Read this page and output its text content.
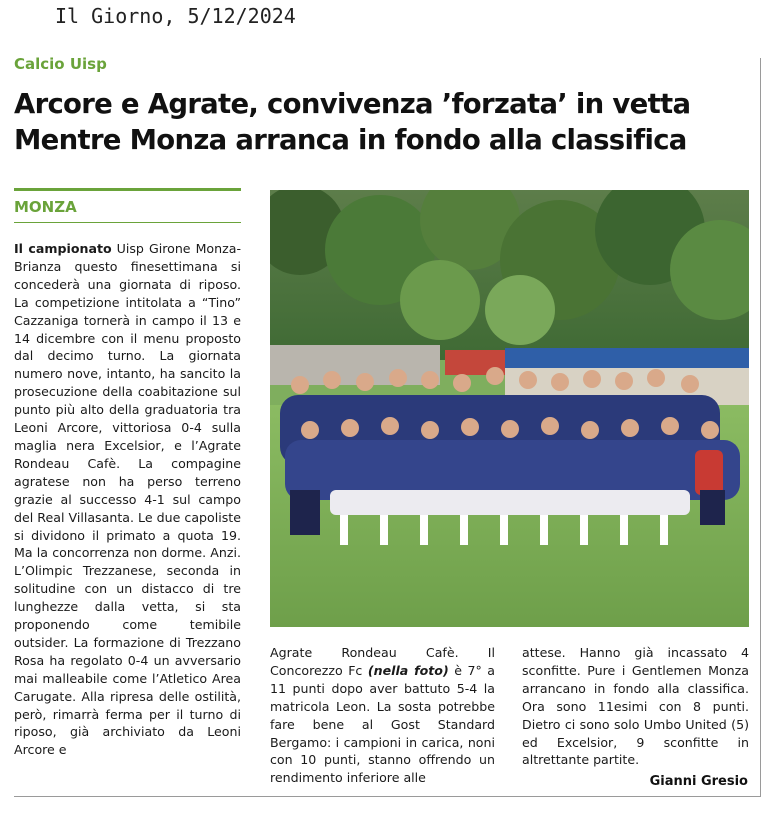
Il Giorno, 5/12/2024
Calcio Uisp
Arcore e Agrate, convivenza ’forzata’ in vetta
Mentre Monza arranca in fondo alla classifica
MONZA

Il campionato Uisp Girone Monza-Brianza questo finesettimana si concederà una giornata di riposo. La competizione intitolata a “Tino” Cazzaniga tornerà in campo il 13 e 14 dicembre con il menu proposto dal decimo turno. La giornata numero nove, intanto, ha sancito la prosecuzione della coabitazione sul punto più alto della graduatoria tra Leoni Arcore, vittoriosa 0-4 sulla maglia nera Excelsior, e l’Agrate Rondeau Cafè. La compagine agratese non ha perso terreno grazie al successo 4-1 sul campo del Real Villasanta. Le due capoliste si dividono il primato a quota 19. Ma la concorrenza non dorme. Anzi. L’Olimpic Trezzanese, seconda in solitudine con un distacco di tre lunghezze dalla vetta, si sta proponendo come temibile outsider. La formazione di Trezzano Rosa ha regolato 0-4 un avversario mai malleabile come l’Atletico Area Carugate. Alla ripresa delle ostilità, però, rimarrà ferma per il turno di riposo, già archiviato da Leoni Arcore e

Agrate Rondeau Cafè. Il Concorezzo Fc (nella foto) è 7° a 11 punti dopo aver battuto 5-4 la matricola Leon. La sosta potrebbe fare bene al Gost Standard Bergamo: i campioni in carica, noni con 10 punti, stanno offrendo un rendimento inferiore alle

attese. Hanno già incassato 4 sconfitte. Pure i Gentlemen Monza arrancano in fondo alla classifica. Ora sono 11esimi con 8 punti. Dietro ci sono solo Umbo United (5) ed Excelsior, 9 sconfitte in altrettante partite.

Gianni Gresio
